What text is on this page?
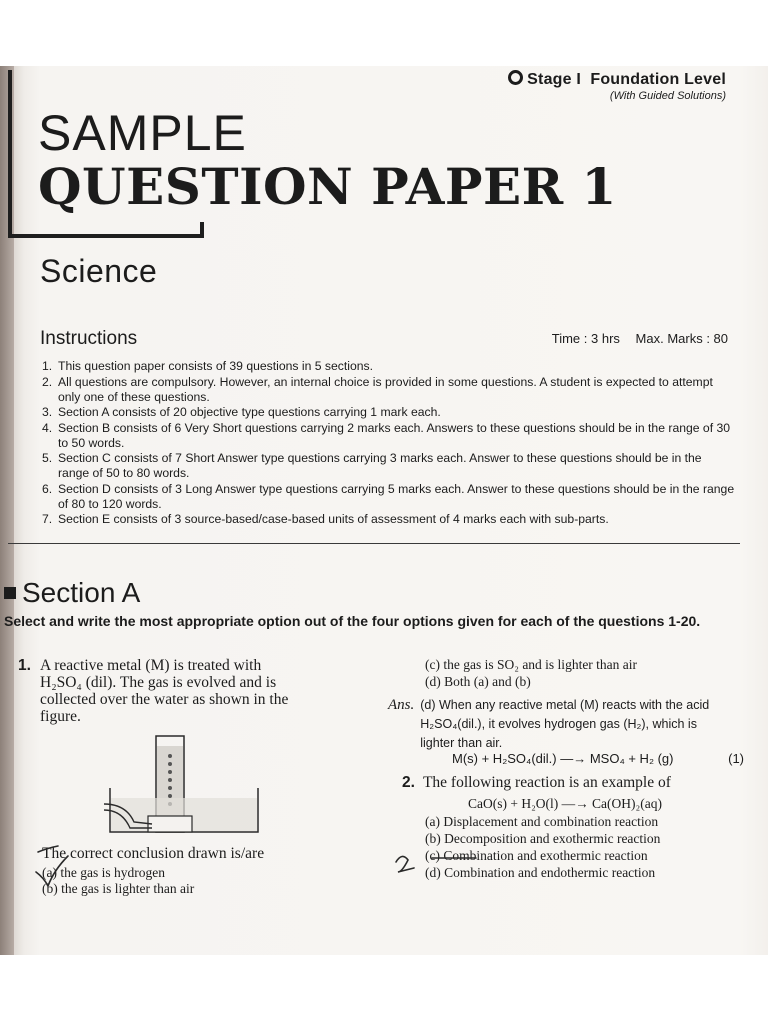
Stage I Foundation Level
(With Guided Solutions)
SAMPLE
QUESTION PAPER 1
Science
Instructions	Time : 3 hrs Max. Marks : 80
1. This question paper consists of 39 questions in 5 sections.
2. All questions are compulsory. However, an internal choice is provided in some questions. A student is expected to attempt only one of these questions.
3. Section A consists of 20 objective type questions carrying 1 mark each.
4. Section B consists of 6 Very Short questions carrying 2 marks each. Answers to these questions should be in the range of 30 to 50 words.
5. Section C consists of 7 Short Answer type questions carrying 3 marks each. Answer to these questions should be in the range of 50 to 80 words.
6. Section D consists of 3 Long Answer type questions carrying 5 marks each. Answer to these questions should be in the range of 80 to 120 words.
7. Section E consists of 3 source-based/case-based units of assessment of 4 marks each with sub-parts.
Section A
Select and write the most appropriate option out of the four options given for each of the questions 1-20.
1. A reactive metal (M) is treated with
H₂SO₄ (dil). The gas is evolved and is
collected over the water as shown in the
figure.
The correct conclusion drawn is/are
(a) the gas is hydrogen
(b) the gas is lighter than air
(c) the gas is SO₂ and is lighter than air
(d) Both (a) and (b)
Ans. (d) When any reactive metal (M) reacts with the acid H₂SO₄(dil.), it evolves hydrogen gas (H₂), which is lighter than air.
M(s) + H₂SO₄(dil.) —→ MSO₄ + H₂ (g)	(1)
2. The following reaction is an example of
CaO(s) + H₂O(l) —→ Ca(OH)₂(aq)
(a) Displacement and combination reaction
(b) Decomposition and exothermic reaction
(c) Combination and exothermic reaction
(d) Combination and endothermic reaction
